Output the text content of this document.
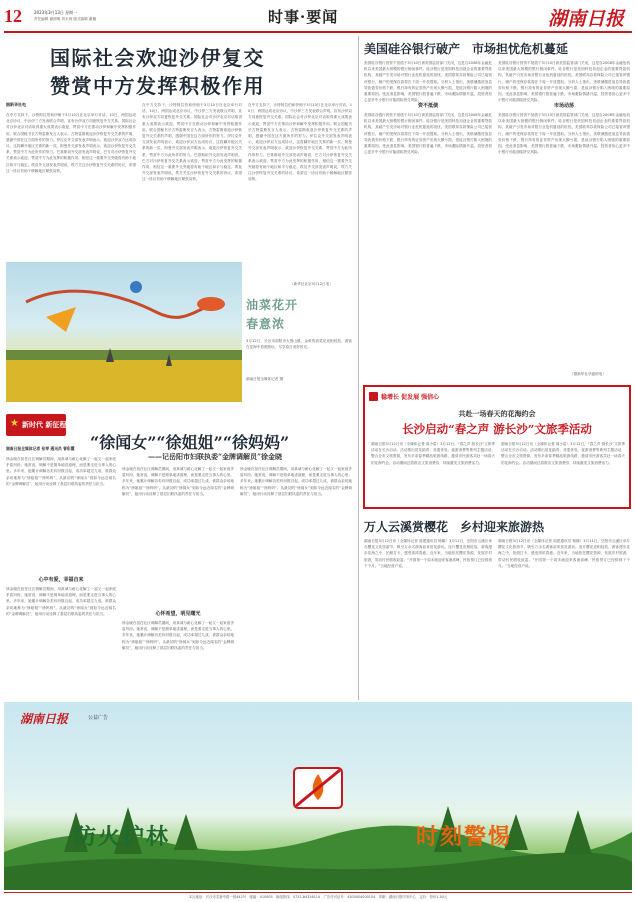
12	2023年3月13日 星期一
责任编辑 谢照明 刘永林 版式编辑 谢璐	时事·要闻	湖南日报
国际社会欢迎沙伊复交
赞赏中方发挥积极作用
据新华社电
在中方支持下，沙特阿拉伯和伊朗于3月10日在北京举行对话，10日，两国达成北京协议，中沙伊三方发表联合声明，宣布沙伊双方同意恢复外交关系。国际社会对沙伊北京对话取得重大成果表示欢迎，赞赏中方在推动沙伊和解中发挥积极作用。联合国秘书长古特雷斯发言人表示，古特雷斯欢迎沙伊恢复外交关系的声明，感谢中国在这方面所作的努力。伊拉克外交部发表声明表示，欢迎沙伊双方达成协议，这将翻开地区关系的新一页。阿曼外交部发表声明表示，欢迎沙伊恢复外交关系，赞赏中方为此所作的努力。巴基斯坦外交部发表声明说，巴方对沙伊恢复外交关系表示欢迎，赞赏中方为此发挥的积极作用，相信这一重要外交突破将有助于地区和平与稳定。埃及外交部发表声明说，埃方关注沙伊恢复外交关系的协议，希望这一协议有助于缓解地区紧张局势。
在中方支持下，沙特阿拉伯和伊朗于3月10日在北京举行对话，10日，两国达成北京协议，中沙伊三方发表联合声明，宣布沙伊双方同意恢复外交关系。国际社会对沙伊北京对话取得重大成果表示欢迎，赞赏中方在推动沙伊和解中发挥积极作用。联合国秘书长古特雷斯发言人表示，古特雷斯欢迎沙伊恢复外交关系的声明，感谢中国在这方面所作的努力。伊拉克外交部发表声明表示，欢迎沙伊双方达成协议，这将翻开地区关系的新一页。阿曼外交部发表声明表示，欢迎沙伊恢复外交关系，赞赏中方为此所作的努力。巴基斯坦外交部发表声明说，巴方对沙伊恢复外交关系表示欢迎，赞赏中方为此发挥的积极作用，相信这一重要外交突破将有助于地区和平与稳定。埃及外交部发表声明说，埃方关注沙伊恢复外交关系的协议，希望这一协议有助于缓解地区紧张局势。
在中方支持下，沙特阿拉伯和伊朗于3月10日在北京举行对话，10日，两国达成北京协议，中沙伊三方发表联合声明，宣布沙伊双方同意恢复外交关系。国际社会对沙伊北京对话取得重大成果表示欢迎，赞赏中方在推动沙伊和解中发挥积极作用。联合国秘书长古特雷斯发言人表示，古特雷斯欢迎沙伊恢复外交关系的声明，感谢中国在这方面所作的努力。伊拉克外交部发表声明表示，欢迎沙伊双方达成协议，这将翻开地区关系的新一页。阿曼外交部发表声明表示，欢迎沙伊恢复外交关系，赞赏中方为此所作的努力。巴基斯坦外交部发表声明说，巴方对沙伊恢复外交关系表示欢迎，赞赏中方为此发挥的积极作用，相信这一重要外交突破将有助于地区和平与稳定。埃及外交部发表声明说，埃方关注沙伊恢复外交关系的协议，希望这一协议有助于缓解地区紧张局势。
（新华社北京3月12日电）
油菜花开
春意浓
3月12日，长沙市浏阳市大围山镇，金黄的油菜花竞相绽放，游客在花海中拍照游玩，尽享春日美好时光。
湖南日报全媒体记者 摄
★ 新时代 新征程
“徐闻女”“徐姐姐”“徐妈妈”
——记岳阳市妇联执委“金牌调解员”徐金晓
湖南日报全媒体记者 张琴 通讯员 曾彩霞
徐金晓在担任社区调解员期间，用真诚与耐心化解了一起又一起家庭矛盾纠纷。她常说，调解不是简单地讲道理，而是要走进当事人的心里。多年来，她累计调解各类纠纷数百起，成功率超过九成，被群众亲切地称为“徐姐姐”“徐妈妈”。从最初的“徐闻女”到如今远近闻名的“金牌调解员”，她用行动诠释了基层妇联执委的责任与担当。
心中有爱，幸福自来
徐金晓在担任社区调解员期间，用真诚与耐心化解了一起又一起家庭矛盾纠纷。她常说，调解不是简单地讲道理，而是要走进当事人的心里。多年来，她累计调解各类纠纷数百起，成功率超过九成，被群众亲切地称为“徐姐姐”“徐妈妈”。从最初的“徐闻女”到如今远近闻名的“金牌调解员”，她用行动诠释了基层妇联执委的责任与担当。
徐金晓在担任社区调解员期间，用真诚与耐心化解了一起又一起家庭矛盾纠纷。她常说，调解不是简单地讲道理，而是要走进当事人的心里。多年来，她累计调解各类纠纷数百起，成功率超过九成，被群众亲切地称为“徐姐姐”“徐妈妈”。从最初的“徐闻女”到如今远近闻名的“金牌调解员”，她用行动诠释了基层妇联执委的责任与担当。
心怀希望，明见曙光
徐金晓在担任社区调解员期间，用真诚与耐心化解了一起又一起家庭矛盾纠纷。她常说，调解不是简单地讲道理，而是要走进当事人的心里。多年来，她累计调解各类纠纷数百起，成功率超过九成，被群众亲切地称为“徐姐姐”“徐妈妈”。从最初的“徐闻女”到如今远近闻名的“金牌调解员”，她用行动诠释了基层妇联执委的责任与担当。
徐金晓在担任社区调解员期间，用真诚与耐心化解了一起又一起家庭矛盾纠纷。她常说，调解不是简单地讲道理，而是要走进当事人的心里。多年来，她累计调解各类纠纷数百起，成功率超过九成，被群众亲切地称为“徐姐姐”“徐妈妈”。从最初的“徐闻女”到如今远近闻名的“金牌调解员”，她用行动诠释了基层妇联执委的责任与担当。
美国硅谷银行破产　市场担忧危机蔓延
美国硅谷银行因资不抵债于3月10日被美国监管部门关闭，这是自2008年金融危机以来美国最大规模的银行倒闭事件。硅谷银行是美国科技初创企业的重要贷款机构，其破产引发市场对银行业危机蔓延的担忧。美国联邦存款保险公司已接管该银行，储户的受保存款将在下周一开放提取。分析人士指出，美联储激进加息导致债券价格下跌，银行持有的证券资产出现大额亏损，是硅谷银行陷入困境的重要原因。受此消息影响，美国银行股普遍下跌，市场避险情绪升温，投资者担心更多中小银行可能面临挤兑风险。
资不抵债
美国硅谷银行因资不抵债于3月10日被美国监管部门关闭，这是自2008年金融危机以来美国最大规模的银行倒闭事件。硅谷银行是美国科技初创企业的重要贷款机构，其破产引发市场对银行业危机蔓延的担忧。美国联邦存款保险公司已接管该银行，储户的受保存款将在下周一开放提取。分析人士指出，美联储激进加息导致债券价格下跌，银行持有的证券资产出现大额亏损，是硅谷银行陷入困境的重要原因。受此消息影响，美国银行股普遍下跌，市场避险情绪升温，投资者担心更多中小银行可能面临挤兑风险。
美国硅谷银行因资不抵债于3月10日被美国监管部门关闭，这是自2008年金融危机以来美国最大规模的银行倒闭事件。硅谷银行是美国科技初创企业的重要贷款机构，其破产引发市场对银行业危机蔓延的担忧。美国联邦存款保险公司已接管该银行，储户的受保存款将在下周一开放提取。分析人士指出，美联储激进加息导致债券价格下跌，银行持有的证券资产出现大额亏损，是硅谷银行陷入困境的重要原因。受此消息影响，美国银行股普遍下跌，市场避险情绪升温，投资者担心更多中小银行可能面临挤兑风险。
市场动荡
美国硅谷银行因资不抵债于3月10日被美国监管部门关闭，这是自2008年金融危机以来美国最大规模的银行倒闭事件。硅谷银行是美国科技初创企业的重要贷款机构，其破产引发市场对银行业危机蔓延的担忧。美国联邦存款保险公司已接管该银行，储户的受保存款将在下周一开放提取。分析人士指出，美联储激进加息导致债券价格下跌，银行持有的证券资产出现大额亏损，是硅谷银行陷入困境的重要原因。受此消息影响，美国银行股普遍下跌，市场避险情绪升温，投资者担心更多中小银行可能面临挤兑风险。
（据新华社华盛顿电）
稳增长 促发展 强信心
共赴一场春天的花海约会
长沙启动“春之声 游长沙”文旅季活动
湖南日报3月12日讯（全媒体记者 周小雷）3月12日，“春之声 游长沙”文旅季活动在长沙启动。活动推出赏花踏青、非遗体验、夜游消费等系列主题活动，整合全市文旅资源，发布多条春季精品旅游线路，邀请市民游客共赴一场春天的花海约会。活动期间还将推出文旅消费券，持续激发文旅消费活力。
湖南日报3月12日讯（全媒体记者 周小雷）3月12日，“春之声 游长沙”文旅季活动在长沙启动。活动推出赏花踏青、非遗体验、夜游消费等系列主题活动，整合全市文旅资源，发布多条春季精品旅游线路，邀请市民游客共赴一场春天的花海约会。活动期间还将推出文旅消费券，持续激发文旅消费活力。
万人云溪赏樱花　乡村迎来旅游热
湖南日报3月12日讯（全媒体记者 周建通讯员 杨娜）3月11日，岳阳市云溪区举办樱花文化旅游节，吸引万余名游客前来赏花游玩。连片樱花竞相绽放，游客漫步花海之中，拍照打卡，感受浓浓春意。近年来，当地依托樱花资源，发展乡村旅游，带动村民增收致富。“开园第一个周末就迎来客流高峰，民宿预订已经排到下个月。”当地经营户说。
湖南日报3月12日讯（全媒体记者 周建通讯员 杨娜）3月11日，岳阳市云溪区举办樱花文化旅游节，吸引万余名游客前来赏花游玩。连片樱花竞相绽放，游客漫步花海之中，拍照打卡，感受浓浓春意。近年来，当地依托樱花资源，发展乡村旅游，带动村民增收致富。“开园第一个周末就迎来客流高峰，民宿预订已经排到下个月。”当地经营户说。
湖南日报	公益广告
防火护林	时刻警惕
本社地址：长沙市芙蓉中路一段442号　邮编：410005　新闻热线：0731-84326114　广告许可证号：4300004000154　印刷：湖南日报印务中心　定价：每份1.50元
